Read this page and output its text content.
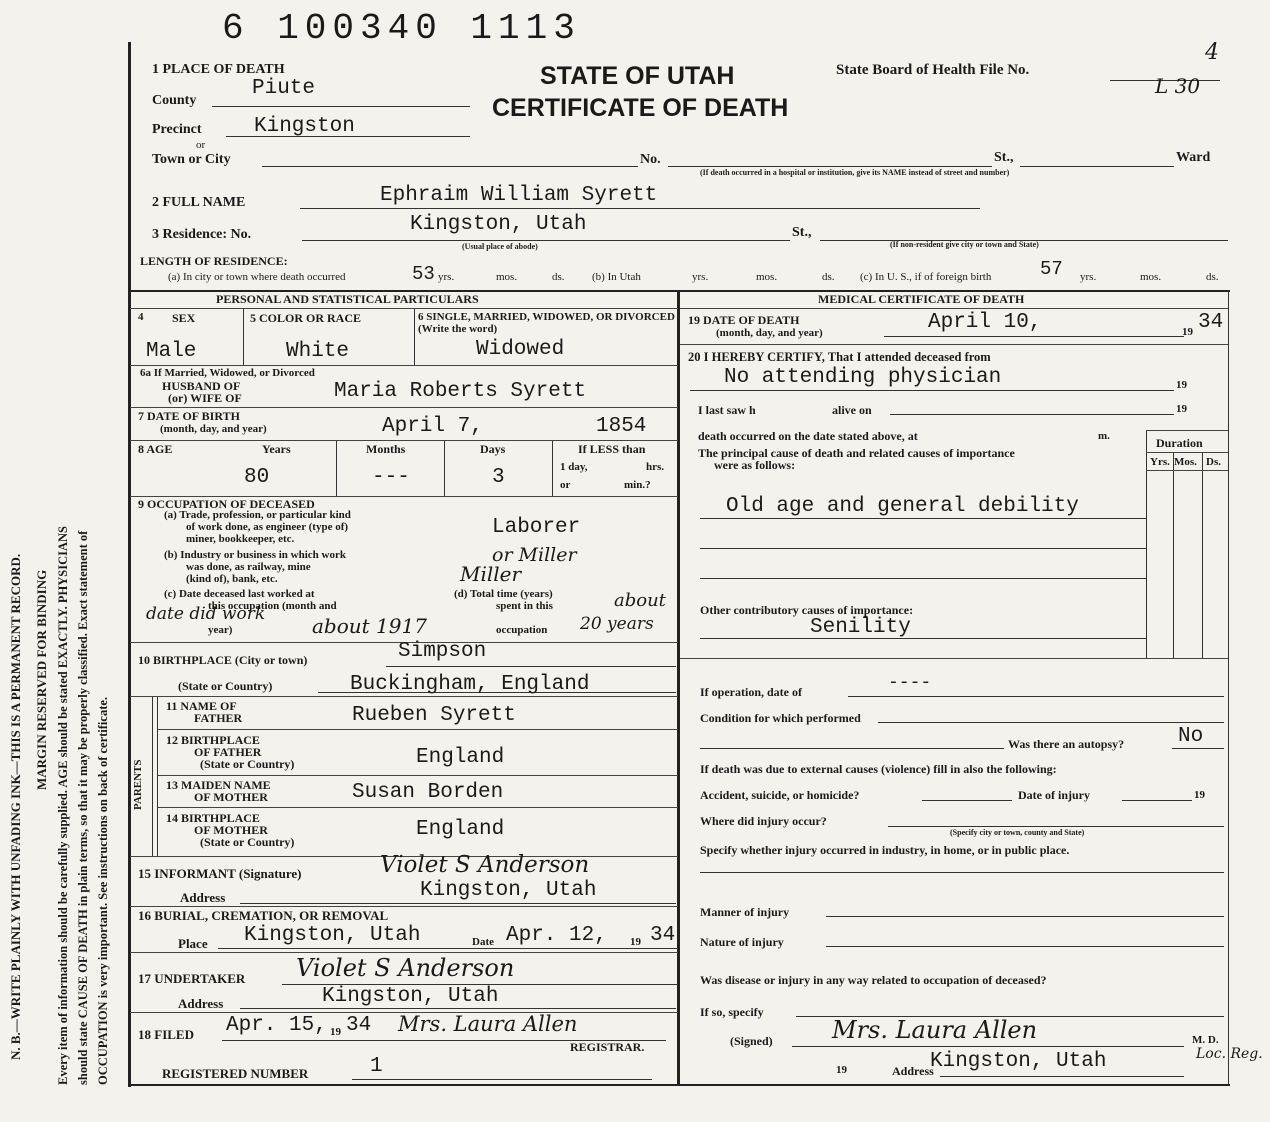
N. B.—WRITE PLAINLY WITH UNFADING INK—THIS IS A PERMANENT RECORD. MARGIN RESERVED FOR BINDING Every item of information should be carefully supplied. AGE should be stated EXACTLY. PHYSICIANS should state CAUSE OF DEATH in plain terms, so that it may be properly classified. Exact statement of OCCUPATION is very important. See instructions on back of certificate.
6 100340 1113
STATE OF UTAH
CERTIFICATE OF DEATH
State Board of Health File No.
4
L 30
1 PLACE OF DEATH
County
Piute
Precinct	Kingston
or
Town or City	No.	St.,	Ward
(If death occurred in a hospital or institution, give its NAME instead of street and number)
2 FULL NAME	Ephraim William Syrett
3 Residence: No.	Kingston, Utah	St.,
(Usual place of abode)	(If non-resident give city or town and State)
LENGTH OF RESIDENCE:
(a) In city or town where death occurred	53 yrs.	mos.	ds. (b) In Utah	yrs.	mos.	ds. (c) In U. S., if of foreign birth	57 yrs.	mos.	ds.
PERSONAL AND STATISTICAL PARTICULARS
4 SEX
Male
5 COLOR OR RACE
White
6 SINGLE, MARRIED, WIDOWED, OR DIVORCED (Write the word)
Widowed
6a If Married, Widowed, or Divorced
HUSBAND OF
(or) WIFE OF	Maria Roberts Syrett
7 DATE OF BIRTH
(month, day, and year)	April 7,	1854
8 AGE	Years	Months	Days	If LESS than
1 day,	hrs.
or	min.?
80	---	3
9 OCCUPATION OF DECEASED
(a) Trade, profession, or particular kind
of work done, as engineer (type of)
miner, bookkeeper, etc.	Laborer
(b) Industry or business in which work
was done, as railway, mine
(kind of), bank, etc.
or Miller
Miller
(c) Date deceased last worked at
this occupation (month and
year)
date did work about 1917
(d) Total time (years)
spent in this
occupation
about
20 years
10 BIRTHPLACE (City or town)	Simpson
(State or Country)	Buckingham, England
PARENTS
11 NAME OF
FATHER	Rueben Syrett
12 BIRTHPLACE
OF FATHER
(State or Country)	England
13 MAIDEN NAME
OF MOTHER	Susan Borden
14 BIRTHPLACE
OF MOTHER
(State or Country)
England
15 INFORMANT (Signature)	Violet S Anderson
Address	Kingston, Utah
16 BURIAL, CREMATION, OR REMOVAL
Place Kingston, Utah	Date Apr. 12, 19 34
17 UNDERTAKER Violet S Anderson
Address	Kingston, Utah
18 FILED Apr. 15, 19 34 Mrs. Laura Allen
REGISTRAR.
REGISTERED NUMBER	1
MEDICAL CERTIFICATE OF DEATH
19 DATE OF DEATH
(month, day, and year)	April 10,	19 34
20 I HEREBY CERTIFY, That I attended deceased from
No attending physician	19
I last saw h	alive on	19
death occurred on the date stated above, at	m.
The principal cause of death and related causes of importance
were as follows:
Duration
Yrs. Mos. Ds.
Old age and general debility
Other contributory causes of importance:
Senility
If operation, date of	----
Condition for which performed
Was there an autopsy?	No
If death was due to external causes (violence) fill in also the following:
Accident, suicide, or homicide?	Date of injury	19
Where did injury occur?
(Specify city or town, county and State)
Specify whether injury occurred in industry, in home, or in public place.
Manner of injury
Nature of injury
Was disease or injury in any way related to occupation of deceased?
If so, specify
(Signed) Mrs. Laura Allen	M. D.
Loc. Reg.
19	Address
Kingston, Utah
